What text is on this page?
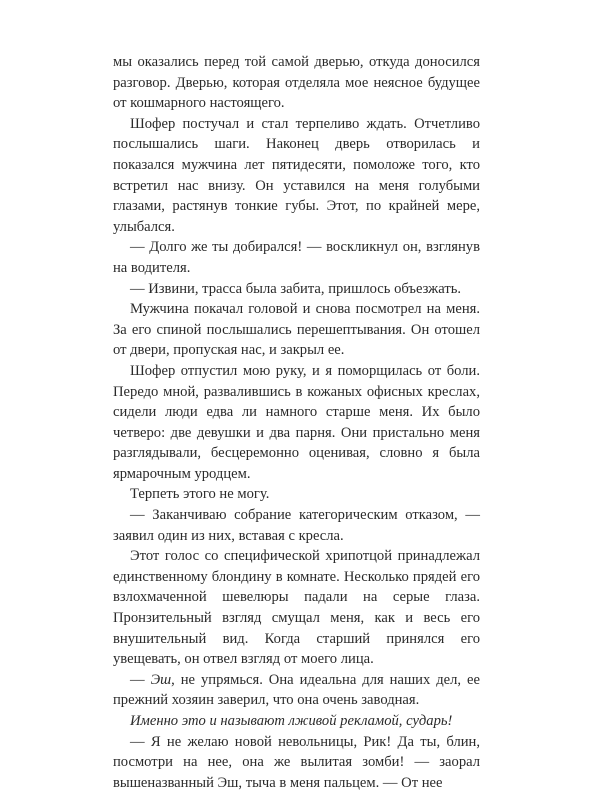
мы оказались перед той самой дверью, откуда доносился разговор. Дверью, которая отделяла мое неясное будущее от кошмарного настоящего.

Шофер постучал и стал терпеливо ждать. Отчетливо послышались шаги. Наконец дверь отворилась и показался мужчина лет пятидесяти, помоложе того, кто встретил нас внизу. Он уставился на меня голубыми глазами, растянув тонкие губы. Этот, по крайней мере, улыбался.

— Долго же ты добирался! — воскликнул он, взглянув на водителя.

— Извини, трасса была забита, пришлось объезжать.

Мужчина покачал головой и снова посмотрел на меня. За его спиной послышались перешептывания. Он отошел от двери, пропуская нас, и закрыл ее.

Шофер отпустил мою руку, и я поморщилась от боли. Передо мной, развалившись в кожаных офисных креслах, сидели люди едва ли намного старше меня. Их было четверо: две девушки и два парня. Они пристально меня разглядывали, бесцеремонно оценивая, словно я была ярмарочным уродцем.

Терпеть этого не могу.

— Заканчиваю собрание категорическим отказом, — заявил один из них, вставая с кресла.

Этот голос со специфической хрипотцой принадлежал единственному блондину в комнате. Несколько прядей его взлохмаченной шевелюры падали на серые глаза. Пронзительный взгляд смущал меня, как и весь его внушительный вид. Когда старший принялся его увещевать, он отвел взгляд от моего лица.

— Эш, не упрямься. Она идеальна для наших дел, ее прежний хозяин заверил, что она очень заводная.

Именно это и называют лживой рекламой, сударь!

— Я не желаю новой невольницы, Рик! Да ты, блин, посмотри на нее, она же вылитая зомби! — заорал вышеназванный Эш, тыча в меня пальцем. — От нее
